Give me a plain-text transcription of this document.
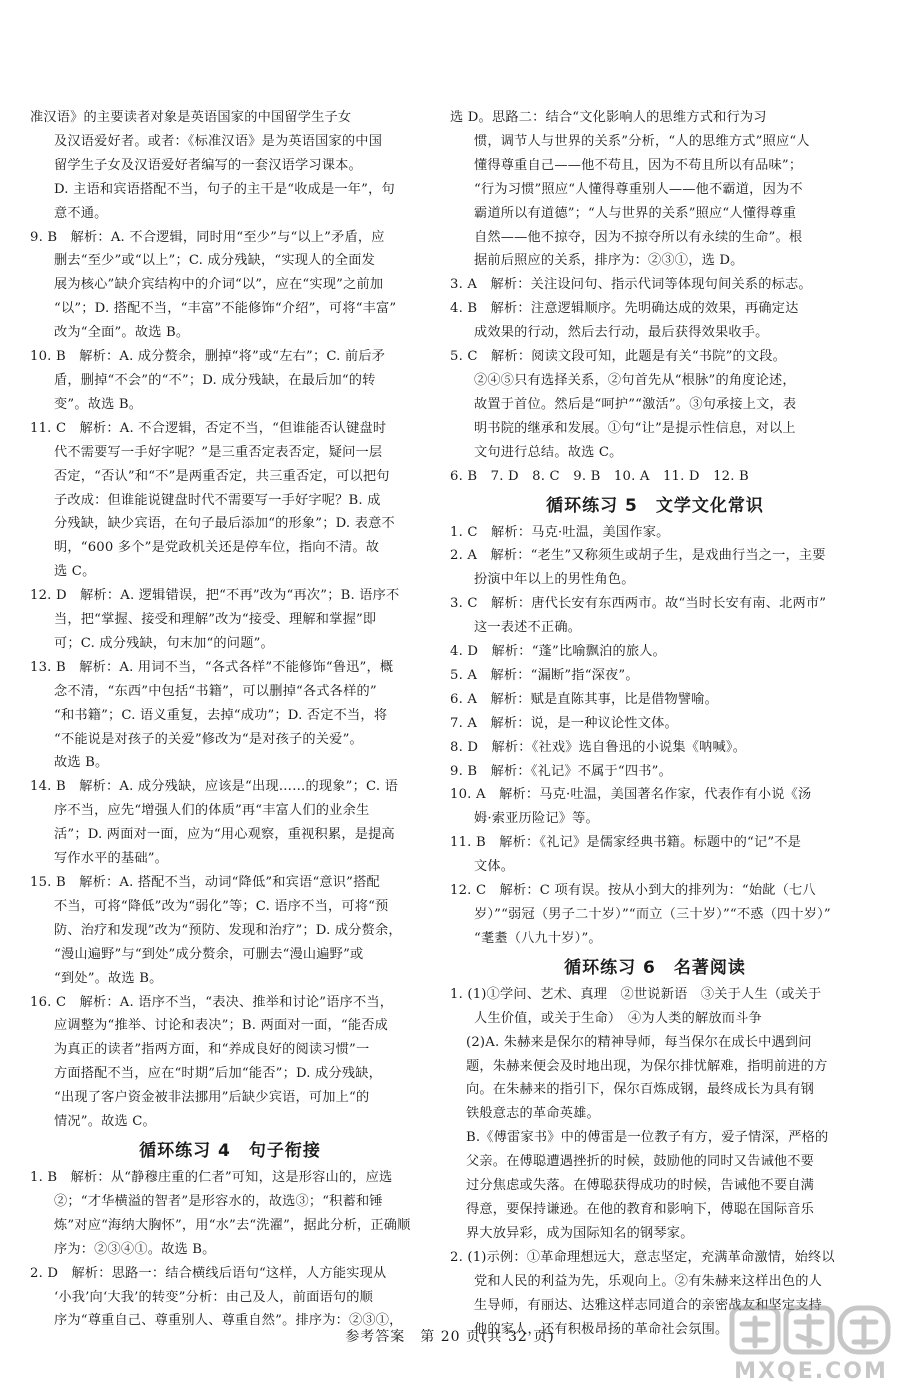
准汉语》的主要读者对象是英语国家的中国留学生子女
及汉语爱好者。或者：《标准汉语》是为英语国家的中国
留学生子女及汉语爱好者编写的一套汉语学习课本。
D. 主语和宾语搭配不当，句子的主干是“收成是一年”，句
意不通。
9. B　解析：A. 不合逻辑，同时用“至少”与“以上”矛盾，应
删去“至少”或“以上”；C. 成分残缺，“实现人的全面发
展为核心”缺介宾结构中的介词“以”，应在“实现”之前加
“以”；D. 搭配不当，“丰富”不能修饰“介绍”，可将“丰富”
改为“全面”。故选 B。
10. B　解析：A. 成分赘余，删掉“将”或“左右”；C. 前后矛
盾，删掉“不会”的“不”；D. 成分残缺，在最后加“的转
变”。故选 B。
11. C　解析：A. 不合逻辑，否定不当，“但谁能否认键盘时
代不需要写一手好字呢？”是三重否定表否定，疑问一层
否定，“否认”和“不”是两重否定，共三重否定，可以把句
子改成：但谁能说键盘时代不需要写一手好字呢？B. 成
分残缺，缺少宾语，在句子最后添加“的形象”；D. 表意不
明，“600 多个”是党政机关还是停车位，指向不清。故
选 C。
12. D　解析：A. 逻辑错误，把“不再”改为“再次”；B. 语序不
当，把“掌握、接受和理解”改为“接受、理解和掌握”即
可；C. 成分残缺，句末加“的问题”。
13. B　解析：A. 用词不当，“各式各样”不能修饰“鲁迅”，概
念不清，“东西”中包括“书籍”，可以删掉“各式各样的”
“和书籍”；C. 语义重复，去掉“成功”；D. 否定不当，将
“不能说是对孩子的关爱”修改为“是对孩子的关爱”。
故选 B。
14. B　解析：A. 成分残缺，应该是“出现……的现象”；C. 语
序不当，应先“增强人们的体质”再“丰富人们的业余生
活”；D. 两面对一面，应为“用心观察，重视积累，是提高
写作水平的基础”。
15. B　解析：A. 搭配不当，动词“降低”和宾语“意识”搭配
不当，可将“降低”改为“弱化”等；C. 语序不当，可将“预
防、治疗和发现”改为“预防、发现和治疗”；D. 成分赘余，
“漫山遍野”与“到处”成分赘余，可删去“漫山遍野”或
“到处”。故选 B。
16. C　解析：A. 语序不当，“表决、推举和讨论”语序不当，
应调整为“推举、讨论和表决”；B. 两面对一面，“能否成
为真正的读者”指两方面，和“养成良好的阅读习惯”一
方面搭配不当，应在“时期”后加“能否”；D. 成分残缺，
“出现了客户资金被非法挪用”后缺少宾语，可加上“的
情况”。故选 C。
循环练习 4　句子衔接
1. B　解析：从“静穆庄重的仁者”可知，这是形容山的，应选
②；“才华横溢的智者”是形容水的，故选③；“积蓄和锤
炼”对应“海纳大胸怀”，用“水”去“洗濯”，据此分析，正确顺
序为：②③④①。故选 B。
2. D　解析：思路一：结合横线后语句“这样，人方能实现从
‘小我’向‘大我’的转变”分析：由己及人，前面语句的顺
序为“尊重自己、尊重别人、尊重自然”。排序为：②③①，
选 D。思路二：结合“文化影响人的思维方式和行为习
惯，调节人与世界的关系”分析，“人的思维方式”照应“人
懂得尊重自己——他不苟且，因为不苟且所以有品味”；
“行为习惯”照应“人懂得尊重别人——他不霸道，因为不
霸道所以有道德”；“人与世界的关系”照应“人懂得尊重
自然——他不掠夺，因为不掠夺所以有永续的生命”。根
据前后照应的关系，排序为：②③①，选 D。
3. A　解析：关注设问句、指示代词等体现句间关系的标志。
4. B　解析：注意逻辑顺序。先明确达成的效果，再确定达
成效果的行动，然后去行动，最后获得效果收手。
5. C　解析：阅读文段可知，此题是有关“书院”的文段。
②④⑤只有选择关系，②句首先从“根脉”的角度论述，
故置于首位。然后是“呵护”“激活”。③句承接上文，表
明书院的继承和发展。①句“让”是提示性信息，对以上
文句进行总结。故选 C。
6. B　7. D　8. C　9. B　10. A　11. D　12. B
循环练习 5　文学文化常识
1. C　解析：马克·吐温，美国作家。
2. A　解析：“老生”又称须生或胡子生，是戏曲行当之一，主要
扮演中年以上的男性角色。
3. C　解析：唐代长安有东西两市。故“当时长安有南、北两市”
这一表述不正确。
4. D　解析：“蓬”比喻飘泊的旅人。
5. A　解析：“漏断”指“深夜”。
6. A　解析：赋是直陈其事，比是借物譬喻。
7. A　解析：说，是一种议论性文体。
8. D　解析：《社戏》选自鲁迅的小说集《呐喊》。
9. B　解析：《礼记》不属于“四书”。
10. A　解析：马克·吐温，美国著名作家，代表作有小说《汤
姆·索亚历险记》等。
11. B　解析：《礼记》是儒家经典书籍。标题中的“记”不是
文体。
12. C　解析：C 项有误。按从小到大的排列为：“始龀（七八
岁）”“弱冠（男子二十岁）”“而立（三十岁）”“不惑（四十岁）”
“耄耋（八九十岁）”。
循环练习 6　名著阅读
1. (1)①学问、艺术、真理　②世说新语　③关于人生（或关于
人生价值，或关于生命）　④为人类的解放而斗争
(2)A. 朱赫来是保尔的精神导师，每当保尔在成长中遇到问
题，朱赫来便会及时地出现，为保尔排忧解难，指明前进的方
向。在朱赫来的指引下，保尔百炼成钢，最终成长为具有钢
铁般意志的革命英雄。
B.《傅雷家书》中的傅雷是一位教子有方，爱子情深，严格的
父亲。在傅聪遭遇挫折的时候，鼓励他的同时又告诫他不要
过分焦虑或失落。在傅聪获得成功的时候，告诫他不要自满
得意，要保持谦逊。在他的教育和影响下，傅聪在国际音乐
界大放异彩，成为国际知名的钢琴家。
2. (1)示例：①革命理想远大，意志坚定，充满革命激情，始终以
党和人民的利益为先，乐观向上。②有朱赫来这样出色的人
生导师，有丽达、达雅这样志同道合的亲密战友和坚定支持
他的家人，还有积极昂扬的革命社会氛围。
参考答案　第 20 页(共 32 页)
MXQE.COM
